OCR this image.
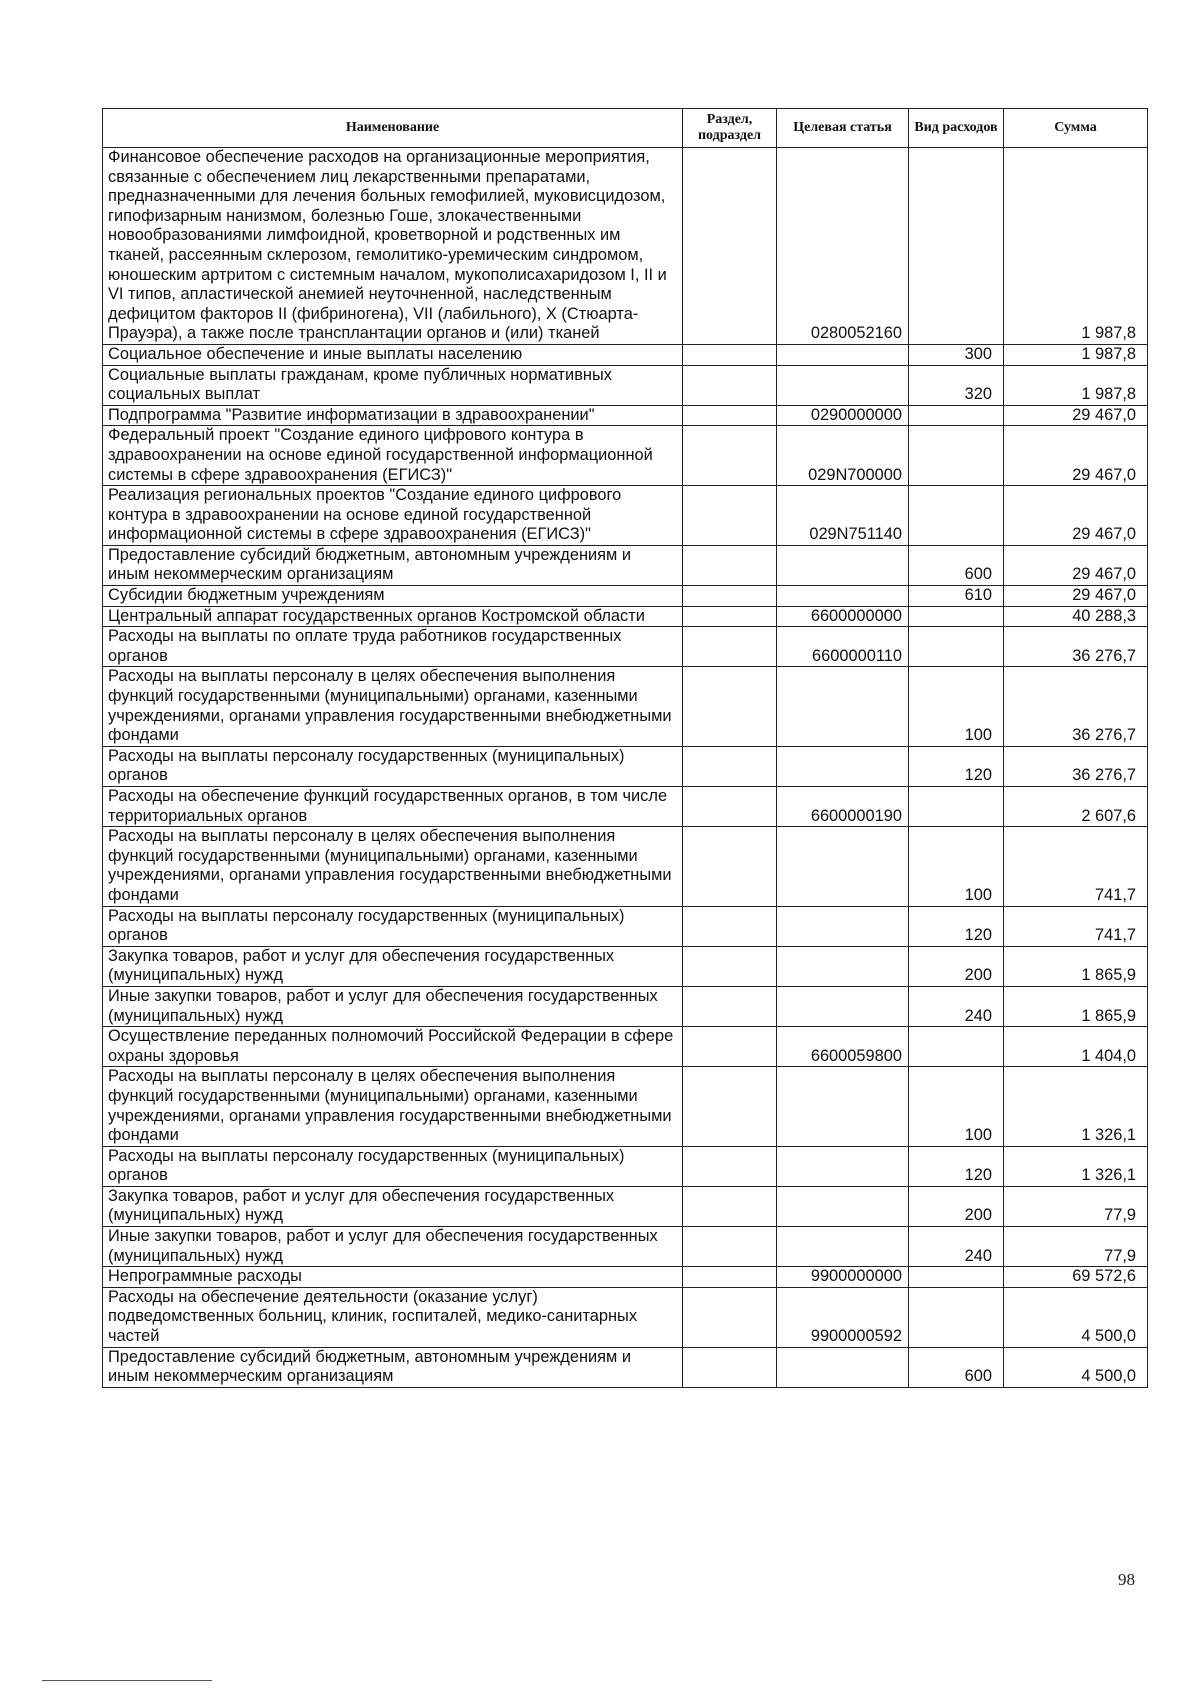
Наименование	Раздел, подраздел	Целевая статья	Вид расходов	Сумма
Финансовое обеспечение расходов на организационные мероприятия, связанные с обеспечением лиц лекарственными препаратами, предназначенными для лечения больных гемофилией, муковисцидозом, гипофизарным нанизмом, болезнью Гоше, злокачественными новообразованиями лимфоидной, кроветворной и родственных им тканей, рассеянным склерозом, гемолитико-уремическим синдромом, юношеским артритом с системным началом, мукополисахаридозом I, II и VI типов, апластической анемией неуточненной, наследственным дефицитом факторов II (фибриногена), VII (лабильного), X (Стюарта-Прауэра), а также после трансплантации органов и (или) тканей		0280052160		1 987,8
Социальное обеспечение и иные выплаты населению			300	1 987,8
Социальные выплаты гражданам, кроме публичных нормативных социальных выплат			320	1 987,8
Подпрограмма "Развитие информатизации в здравоохранении"		0290000000		29 467,0
Федеральный проект "Создание единого цифрового контура в здравоохранении на основе единой государственной информационной системы в сфере здравоохранения (ЕГИСЗ)"		029N700000		29 467,0
Реализация региональных проектов "Создание единого цифрового контура в здравоохранении на основе единой государственной информационной системы в сфере здравоохранения (ЕГИСЗ)"		029N751140		29 467,0
Предоставление субсидий бюджетным, автономным учреждениям и иным некоммерческим организациям			600	29 467,0
Субсидии бюджетным учреждениям			610	29 467,0
Центральный аппарат государственных органов Костромской области		6600000000		40 288,3
Расходы на выплаты по оплате труда работников государственных органов		6600000110		36 276,7
Расходы на выплаты персоналу в целях обеспечения выполнения функций государственными (муниципальными) органами, казенными учреждениями, органами управления государственными внебюджетными фондами			100	36 276,7
Расходы на выплаты персоналу государственных (муниципальных) органов			120	36 276,7
Расходы на обеспечение функций государственных органов, в том числе территориальных органов		6600000190		2 607,6
Расходы на выплаты персоналу в целях обеспечения выполнения функций государственными (муниципальными) органами, казенными учреждениями, органами управления государственными внебюджетными фондами			100	741,7
Расходы на выплаты персоналу государственных (муниципальных) органов			120	741,7
Закупка товаров, работ и услуг для обеспечения государственных (муниципальных) нужд			200	1 865,9
Иные закупки товаров, работ и услуг для обеспечения государственных (муниципальных) нужд			240	1 865,9
Осуществление переданных полномочий Российской Федерации в сфере охраны здоровья		6600059800		1 404,0
Расходы на выплаты персоналу в целях обеспечения выполнения функций государственными (муниципальными) органами, казенными учреждениями, органами управления государственными внебюджетными фондами			100	1 326,1
Расходы на выплаты персоналу государственных (муниципальных) органов			120	1 326,1
Закупка товаров, работ и услуг для обеспечения государственных (муниципальных) нужд			200	77,9
Иные закупки товаров, работ и услуг для обеспечения государственных (муниципальных) нужд			240	77,9
Непрограммные расходы		9900000000		69 572,6
Расходы на обеспечение деятельности (оказание услуг) подведомственных больниц, клиник, госпиталей, медико-санитарных частей		9900000592		4 500,0
Предоставление субсидий бюджетным, автономным учреждениям и иным некоммерческим организациям			600	4 500,0
98
